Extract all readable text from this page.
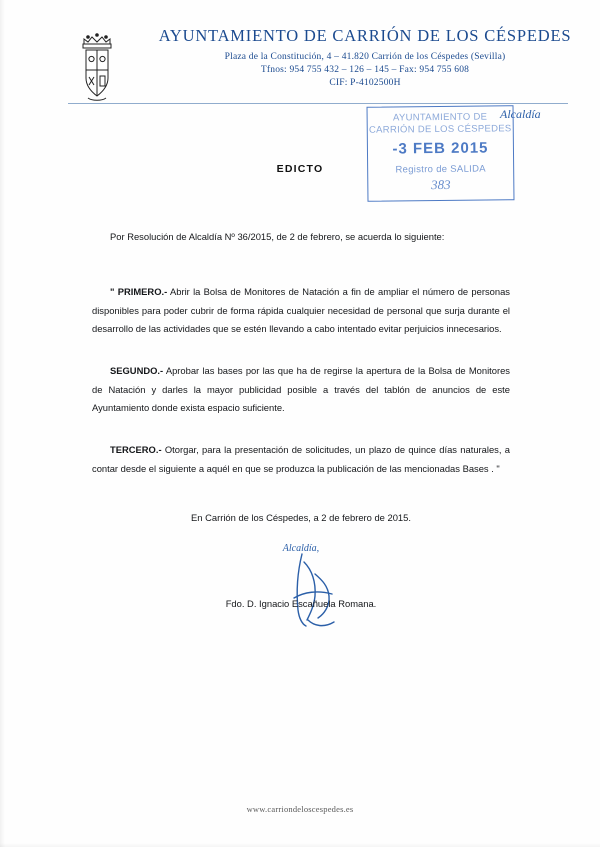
AYUNTAMIENTO DE CARRIÓN DE LOS CÉSPEDES
Plaza de la Constitución, 4 – 41.820 Carrión de los Céspedes (Sevilla)
Tfnos: 954 755 432 – 126 – 145 – Fax: 954 755 608
CIF: P-4102500H
Alcaldía
AYUNTAMIENTO DE
CARRIÓN DE LOS CÉSPEDES
-3 FEB 2015
Registro de SALIDA
383
EDICTO
Por Resolución de Alcaldía Nº 36/2015, de 2 de febrero, se acuerda lo siguiente:
" PRIMERO.- Abrir la Bolsa de Monitores de Natación a fin de ampliar el número de personas disponibles para poder cubrir de forma rápida cualquier necesidad de personal que surja durante el desarrollo de las actividades que se estén llevando a cabo intentado evitar perjuicios innecesarios.
SEGUNDO.- Aprobar las bases por las que ha de regirse la apertura de la Bolsa de Monitores de Natación y darles la mayor publicidad posible a través del tablón de anuncios de este Ayuntamiento donde exista espacio suficiente.
TERCERO.- Otorgar, para la presentación de solicitudes, un plazo de quince días naturales, a contar desde el siguiente a aquél en que se produzca la publicación de las mencionadas Bases . "
En Carrión de los Céspedes, a 2 de febrero de 2015.
Alcaldía,
Fdo. D. Ignacio Escañuela Romana.
www.carriondeloscespedes.es
